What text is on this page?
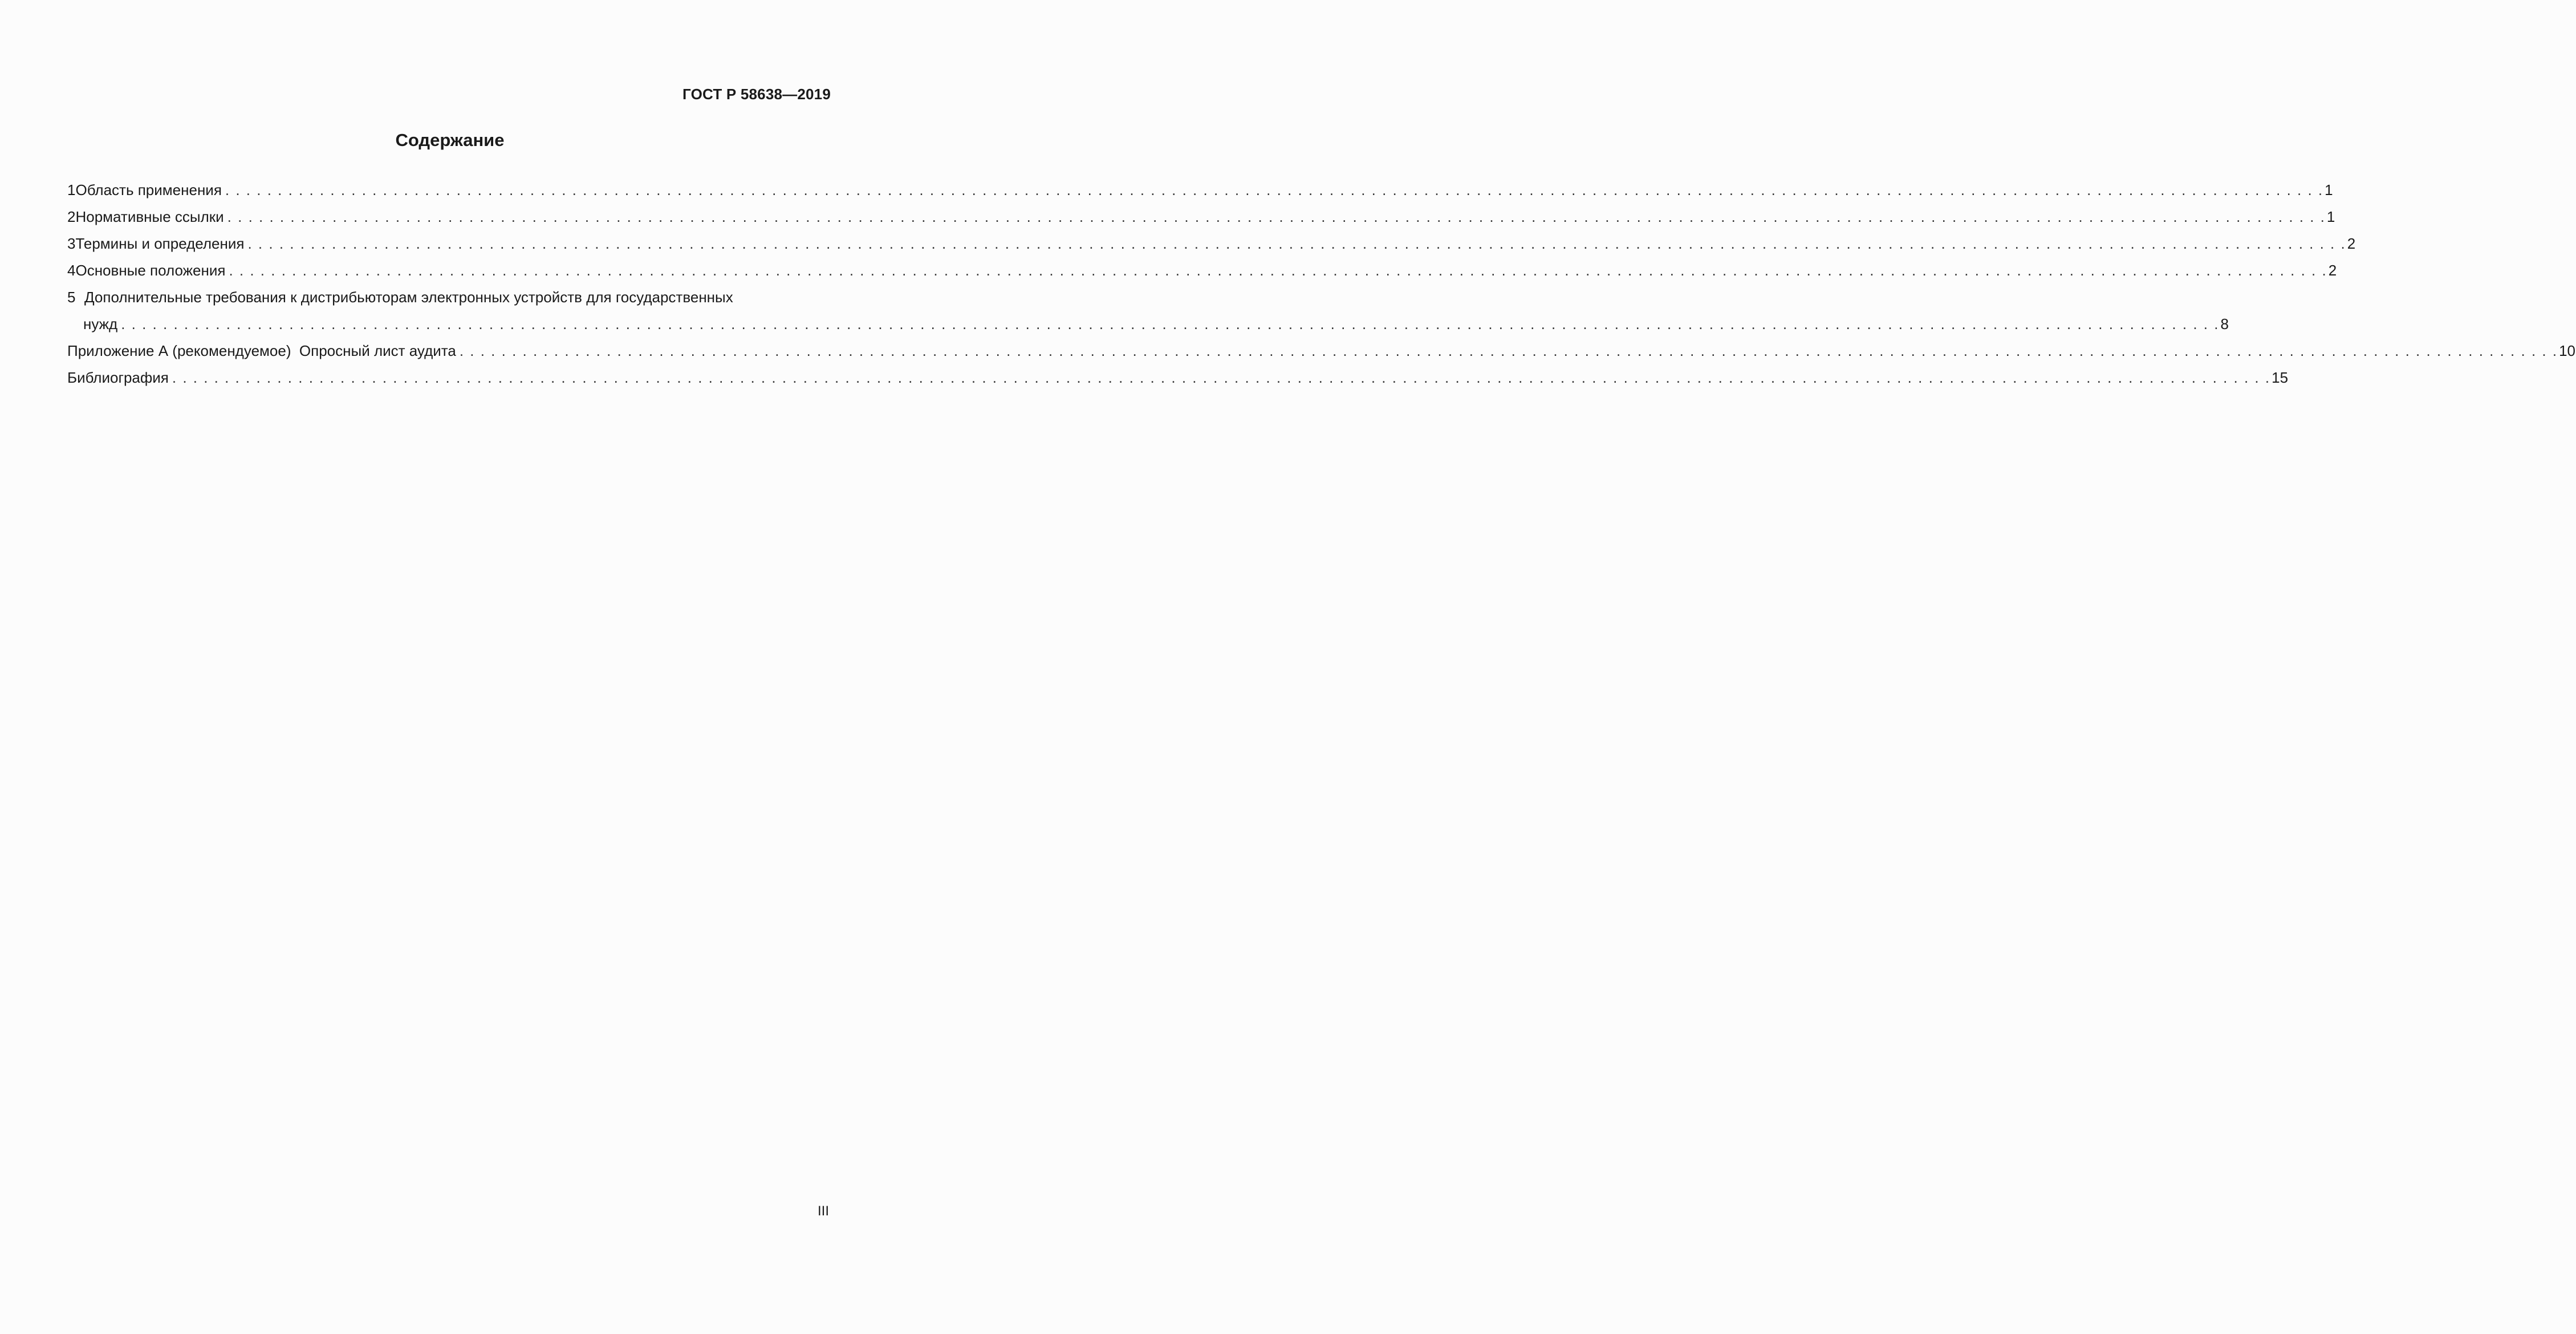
ГОСТ Р 58638—2019
Содержание
1 Область применения . . . . . . . . . . . . . . . . . . . . . . . . . . . . . . . . . . . . . . . . . . . . . . . . . . . . . . . . . . . . . . . . . . . . . . . . . . . . . . . . . . . . . . . . . . . . . . . . . . . . . . . . . . . . . . . . . . . . . . . . . . . . . . . . . . . . . . . . . . . . . . . . . . . . . . . . . . . . . . . . . . . . . . . . . . . . . . . . . . . . . . . . . . . . . . . . . . . . . . . . 1
2 Нормативные ссылки . . . . . . . . . . . . . . . . . . . . . . . . . . . . . . . . . . . . . . . . . . . . . . . . . . . . . . . . . . . . . . . . . . . . . . . . . . . . . . . . . . . . . . . . . . . . . . . . . . . . . . . . . . . . . . . . . . . . . . . . . . . . . . . . . . . . . . . . . . . . . . . . . . . . . . . . . . . . . . . . . . . . . . . . . . . . . . . . . . . . . . . . . . . . . . . . . . . . . . . . 1
3 Термины и определения . . . . . . . . . . . . . . . . . . . . . . . . . . . . . . . . . . . . . . . . . . . . . . . . . . . . . . . . . . . . . . . . . . . . . . . . . . . . . . . . . . . . . . . . . . . . . . . . . . . . . . . . . . . . . . . . . . . . . . . . . . . . . . . . . . . . . . . . . . . . . . . . . . . . . . . . . . . . . . . . . . . . . . . . . . . . . . . . . . . . . . . . . . . . . . . . . . . . . . . . 2
4 Основные положения . . . . . . . . . . . . . . . . . . . . . . . . . . . . . . . . . . . . . . . . . . . . . . . . . . . . . . . . . . . . . . . . . . . . . . . . . . . . . . . . . . . . . . . . . . . . . . . . . . . . . . . . . . . . . . . . . . . . . . . . . . . . . . . . . . . . . . . . . . . . . . . . . . . . . . . . . . . . . . . . . . . . . . . . . . . . . . . . . . . . . . . . . . . . . . . . . . . . . . . . 2
5 Дополнительные требования к дистрибьюторам электронных устройств для государственных
нужд . . . . . . . . . . . . . . . . . . . . . . . . . . . . . . . . . . . . . . . . . . . . . . . . . . . . . . . . . . . . . . . . . . . . . . . . . . . . . . . . . . . . . . . . . . . . . . . . . . . . . . . . . . . . . . . . . . . . . . . . . . . . . . . . . . . . . . . . . . . . . . . . . . . . . . . . . . . . . . . . . . . . . . . . . . . . . . . . . . . . . . . . . . . . . . . . . . . . . . . . 8
Приложение А (рекомендуемое)  Опросный лист аудита . . . . . . . . . . . . . . . . . . . . . . . . . . . . . . . . . . . . . . . . . . . . . . . . . . . . . . . . . . . . . . . . . . . . . . . . . . . . . . . . . . . . . . . . . . . . . . . . . . . . . . . . . . . . . . . . . . . . . . . . . . . . . . . . . . . . . . . . . . . . . . . . . . . . . . . . . . . . . . . . . . . . . . . . . . . . . . . . . . . . . . . . . . . . . . . . . . . . . . . . 10
Библиография . . . . . . . . . . . . . . . . . . . . . . . . . . . . . . . . . . . . . . . . . . . . . . . . . . . . . . . . . . . . . . . . . . . . . . . . . . . . . . . . . . . . . . . . . . . . . . . . . . . . . . . . . . . . . . . . . . . . . . . . . . . . . . . . . . . . . . . . . . . . . . . . . . . . . . . . . . . . . . . . . . . . . . . . . . . . . . . . . . . . . . . . . . . . . . . . . . . . . . . . 15
III
